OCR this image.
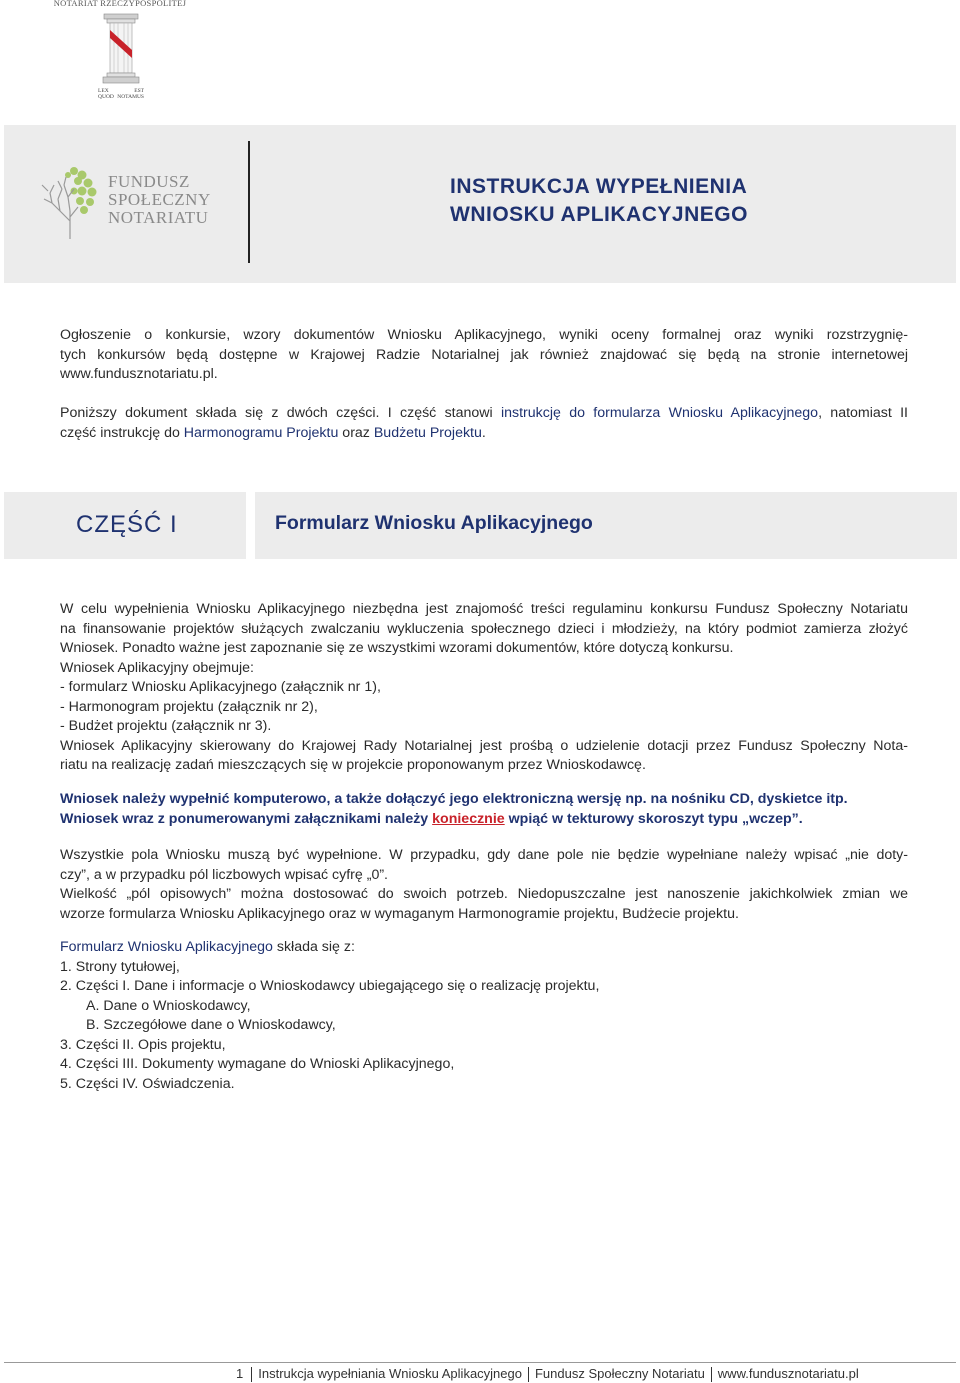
NOTARIAT RZECZYPOSPOLITEJ
LEX	EST
QUOD NOTAMUS
FUNDUSZ
SPOŁECZNY
NOTARIATU
INSTRUKCJA WYPEŁNIENIA
WNIOSKU APLIKACYJNEGO
Ogłoszenie o konkursie, wzory dokumentów Wniosku Aplikacyjnego, wyniki oceny formalnej oraz wyniki rozstrzygnię-
tych konkursów będą dostępne w Krajowej Radzie Notarialnej jak również znajdować się będą na stronie internetowej
www.fundusznotariatu.pl.
Poniższy dokument składa się z dwóch części. I część stanowi instrukcję do formularza Wniosku Aplikacyjnego, natomiast II
część instrukcję do Harmonogramu Projektu oraz Budżetu Projektu.
CZĘŚĆ I	Formularz Wniosku Aplikacyjnego
W celu wypełnienia Wniosku Aplikacyjnego niezbędna jest znajomość treści regulaminu konkursu Fundusz Społeczny Notariatu
na finansowanie projektów służących zwalczaniu wykluczenia społecznego dzieci i młodzieży, na który podmiot zamierza złożyć
Wniosek. Ponadto ważne jest zapoznanie się ze wszystkimi wzorami dokumentów, które dotyczą konkursu.
Wniosek Aplikacyjny obejmuje:
- formularz Wniosku Aplikacyjnego (załącznik nr 1),
- Harmonogram projektu (załącznik nr 2),
- Budżet projektu (załącznik nr 3).
Wniosek Aplikacyjny skierowany do Krajowej Rady Notarialnej jest prośbą o udzielenie dotacji przez Fundusz Społeczny Nota-
riatu na realizację zadań mieszczących się w projekcie proponowanym przez Wnioskodawcę.
Wniosek należy wypełnić komputerowo, a także dołączyć jego elektroniczną wersję np. na nośniku CD, dyskietce itp.
Wniosek wraz z ponumerowanymi załącznikami należy koniecznie wpiąć w tekturowy skoroszyt typu „wczep”.
Wszystkie pola Wniosku muszą być wypełnione. W przypadku, gdy dane pole nie będzie wypełniane należy wpisać „nie doty-
czy”, a w przypadku pól liczbowych wpisać cyfrę „0”.
Wielkość „pól opisowych” można dostosować do swoich potrzeb. Niedopuszczalne jest nanoszenie jakichkolwiek zmian we
wzorze formularza Wniosku Aplikacyjnego oraz w wymaganym Harmonogramie projektu, Budżecie projektu.
Formularz Wniosku Aplikacyjnego składa się z:
1. Strony tytułowej,
2. Części I. Dane i informacje o Wnioskodawcy ubiegającego się o realizację projektu,
A. Dane o Wnioskodawcy,
B. Szczegółowe dane o Wnioskodawcy,
3. Części II. Opis projektu,
4. Części III. Dokumenty wymagane do Wnioski Aplikacyjnego,
5. Części IV. Oświadczenia.
1 Instrukcja wypełniania Wniosku Aplikacyjnego Fundusz Społeczny Notariatu www.fundusznotariatu.pl
